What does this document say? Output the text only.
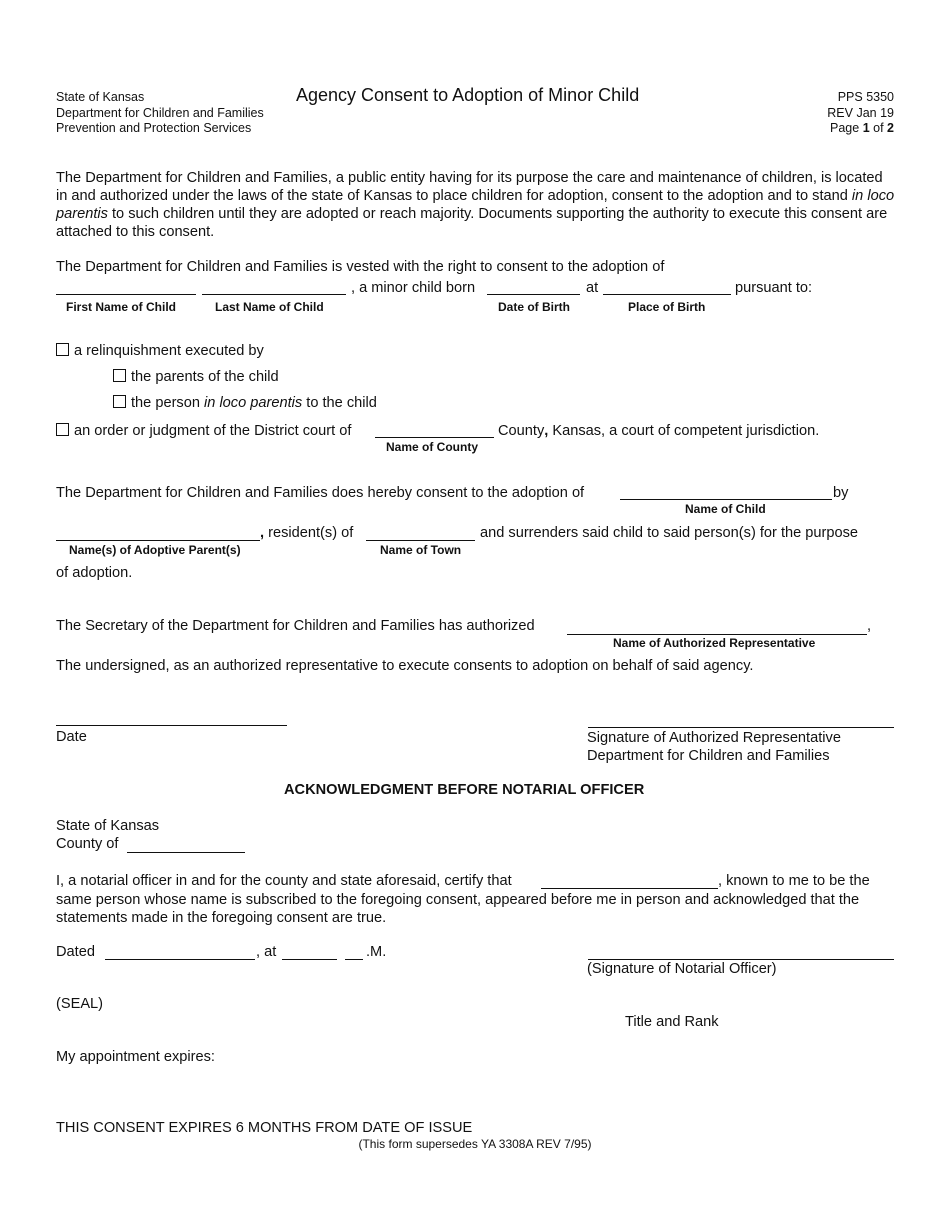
State of Kansas
Department for Children and Families
Prevention and Protection Services
Agency Consent to Adoption of Minor Child	PPS 5350
REV Jan 19
Page 1 of 2
The Department for Children and Families, a public entity having for its purpose the care and maintenance of children, is located in and authorized under the laws of the state of Kansas to place children for adoption, consent to the adoption and to stand in loco parentis to such children until they are adopted or reach majority. Documents supporting the authority to execute this consent are attached to this consent.
The Department for Children and Families is vested with the right to consent to the adoption of
, a minor child born	at	pursuant to:
First Name of Child	Last Name of Child	Date of Birth	Place of Birth
a relinquishment executed by
the parents of the child
the person in loco parentis to the child
an order or judgment of the District court of	County, Kansas, a court of competent jurisdiction.
Name of County
The Department for Children and Families does hereby consent to the adoption of	by
Name of Child
, resident(s) of	and surrenders said child to said person(s) for the purpose
Name(s) of Adoptive Parent(s)	Name of Town
of adoption.
The Secretary of the Department for Children and Families has authorized	,
Name of Authorized Representative
The undersigned, as an authorized representative to execute consents to adoption on behalf of said agency.
Date	Signature of Authorized Representative
Department for Children and Families
ACKNOWLEDGMENT BEFORE NOTARIAL OFFICER
State of Kansas
County of
I, a notarial officer in and for the county and state aforesaid, certify that	, known to me to be the
same person whose name is subscribed to the foregoing consent, appeared before me in person and acknowledged that the statements made in the foregoing consent are true.
Dated	, at	.M.
(Signature of Notarial Officer)
(SEAL)
Title and Rank
My appointment expires:
THIS CONSENT EXPIRES 6 MONTHS FROM DATE OF ISSUE
(This form supersedes YA 3308A REV 7/95)
